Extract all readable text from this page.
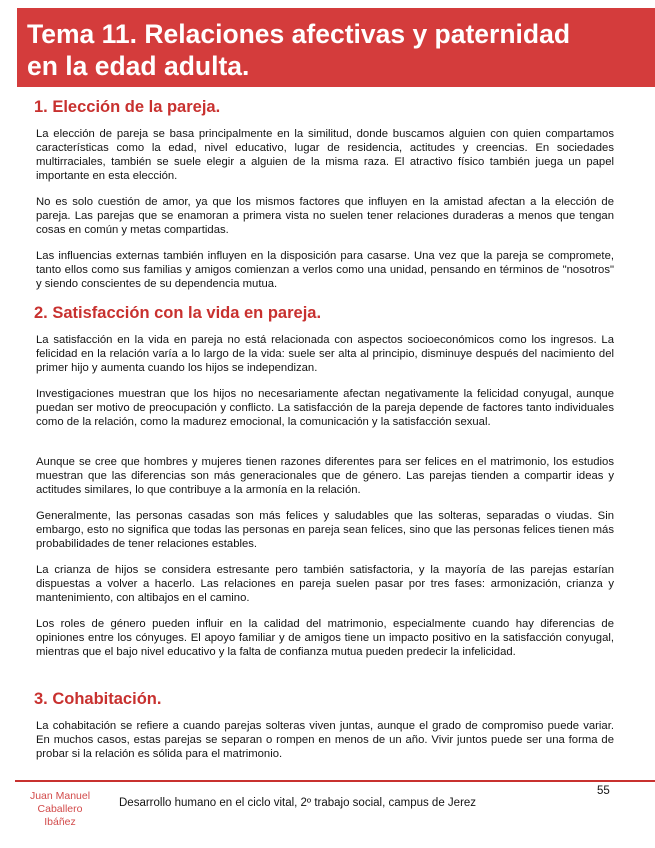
Tema 11. Relaciones afectivas y paternidad
en la edad adulta.
1. Elección de la pareja.

La elección de pareja se basa principalmente en la similitud, donde buscamos alguien con quien compartamos características como la edad, nivel educativo, lugar de residencia, actitudes y creencias. En sociedades multirraciales, también se suele elegir a alguien de la misma raza. El atractivo físico también juega un papel importante en esta elección.

No es solo cuestión de amor, ya que los mismos factores que influyen en la amistad afectan a la elección de pareja. Las parejas que se enamoran a primera vista no suelen tener relaciones duraderas a menos que tengan cosas en común y metas compartidas.

Las influencias externas también influyen en la disposición para casarse. Una vez que la pareja se compromete, tanto ellos como sus familias y amigos comienzan a verlos como una unidad, pensando en términos de "nosotros" y siendo conscientes de su dependencia mutua.

2. Satisfacción con la vida en pareja.

La satisfacción en la vida en pareja no está relacionada con aspectos socioeconómicos como los ingresos. La felicidad en la relación varía a lo largo de la vida: suele ser alta al principio, disminuye después del nacimiento del primer hijo y aumenta cuando los hijos se independizan.

Investigaciones muestran que los hijos no necesariamente afectan negativamente la felicidad conyugal, aunque puedan ser motivo de preocupación y conflicto. La satisfacción de la pareja depende de factores tanto individuales como de la relación, como la madurez emocional, la comunicación y la satisfacción sexual.

Aunque se cree que hombres y mujeres tienen razones diferentes para ser felices en el matrimonio, los estudios muestran que las diferencias son más generacionales que de género. Las parejas tienden a compartir ideas y actitudes similares, lo que contribuye a la armonía en la relación.

Generalmente, las personas casadas son más felices y saludables que las solteras, separadas o viudas. Sin embargo, esto no significa que todas las personas en pareja sean felices, sino que las personas felices tienen más probabilidades de tener relaciones estables.

La crianza de hijos se considera estresante pero también satisfactoria, y la mayoría de las parejas estarían dispuestas a volver a hacerlo. Las relaciones en pareja suelen pasar por tres fases: armonización, crianza y mantenimiento, con altibajos en el camino.

Los roles de género pueden influir en la calidad del matrimonio, especialmente cuando hay diferencias de opiniones entre los cónyuges. El apoyo familiar y de amigos tiene un impacto positivo en la satisfacción conyugal, mientras que el bajo nivel educativo y la falta de confianza mutua pueden predecir la infelicidad.

3. Cohabitación.

La cohabitación se refiere a cuando parejas solteras viven juntas, aunque el grado de compromiso puede variar. En muchos casos, estas parejas se separan o rompen en menos de un año. Vivir juntos puede ser una forma de probar si la relación es sólida para el matrimonio.

55
Juan Manuel
Caballero
Ibáñez
Desarrollo humano en el ciclo vital, 2º trabajo social, campus de Jerez
